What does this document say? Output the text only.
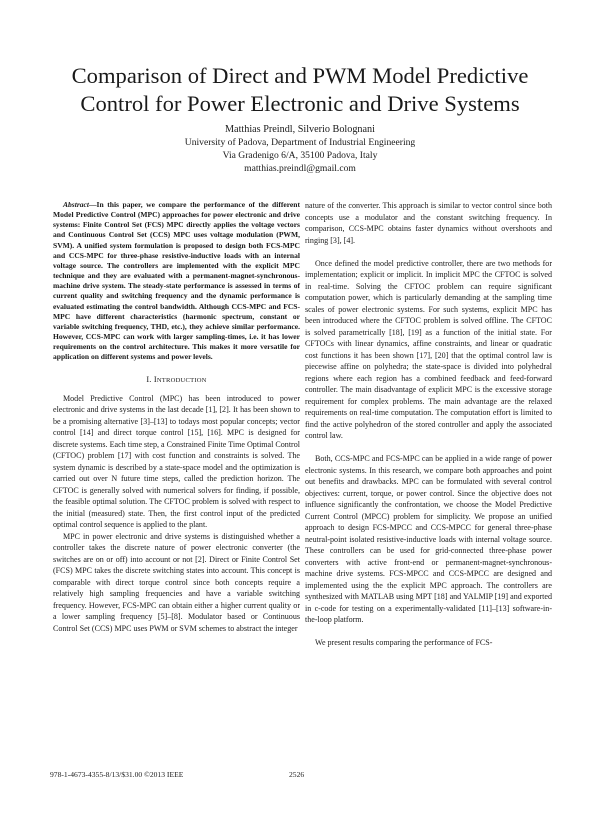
Comparison of Direct and PWM Model Predictive
Control for Power Electronic and Drive Systems
Matthias Preindl, Silverio Bolognani
University of Padova, Department of Industrial Engineering
Via Gradenigo 6/A, 35100 Padova, Italy
matthias.preindl@gmail.com

Abstract—In this paper, we compare the performance of the different Model Predictive Control (MPC) approaches for power electronic and drive systems: Finite Control Set (FCS) MPC directly applies the voltage vectors and Continuous Control Set (CCS) MPC uses voltage modulation (PWM, SVM). A unified system formulation is proposed to design both FCS-MPC and CCS-MPC for three-phase resistive-inductive loads with an internal voltage source. The controllers are implemented with the explicit MPC technique and they are evaluated with a permanent-magnet-synchronous-machine drive system. The steady-state performance is assessed in terms of current quality and switching frequency and the dynamic performance is evaluated estimating the control bandwidth. Although CCS-MPC and FCS-MPC have different characteristics (harmonic spectrum, constant or variable switching frequency, THD, etc.), they achieve similar performance. However, CCS-MPC can work with larger sampling-times, i.e. it has lower requirements on the control architecture. This makes it more versatile for application on different systems and power levels.

I. INTRODUCTION

Model Predictive Control (MPC) has been introduced to power electronic and drive systems in the last decade [1], [2]. It has been shown to be a promising alternative [3]–[13] to todays most popular concepts; vector control [14] and direct torque control [15], [16]. MPC is designed for discrete systems. Each time step, a Constrained Finite Time Optimal Control (CFTOC) problem [17] with cost function and constraints is solved. The system dynamic is described by a state-space model and the optimization is carried out over N future time steps, called the prediction horizon. The CFTOC is generally solved with numerical solvers for finding, if possible, the feasible optimal solution. The CFTOC problem is solved with respect to the initial (measured) state. Then, the first control input of the predicted optimal control sequence is applied to the plant.

MPC in power electronic and drive systems is distinguished whether a controller takes the discrete nature of power electronic converter (the switches are on or off) into account or not [2]. Direct or Finite Control Set (FCS) MPC takes the discrete switching states into account. This concept is comparable with direct torque control since both concepts require a relatively high sampling frequencies and have a variable switching frequency. However, FCS-MPC can obtain either a higher current quality or a lower sampling frequency [5]–[8]. Modulator based or Continuous Control Set (CCS) MPC uses PWM or SVM schemes to abstract the integer

nature of the converter. This approach is similar to vector control since both concepts use a modulator and the constant switching frequency. In comparison, CCS-MPC obtains faster dynamics without overshoots and ringing [3], [4].

Once defined the model predictive controller, there are two methods for implementation; explicit or implicit. In implicit MPC the CFTOC is solved in real-time. Solving the CFTOC problem can require significant computation power, which is particularly demanding at the sampling time scales of power electronic systems. For such systems, explicit MPC has been introduced where the CFTOC problem is solved offline. The CFTOC is solved parametrically [18], [19] as a function of the initial state. For CFTOCs with linear dynamics, affine constraints, and linear or quadratic cost functions it has been shown [17], [20] that the optimal control law is piecewise affine on polyhedra; the state-space is divided into polyhedral regions where each region has a combined feedback and feed-forward controller. The main disadvantage of explicit MPC is the excessive storage requirement for complex problems. The main advantage are the relaxed requirements on real-time computation. The computation effort is limited to find the active polyhedron of the stored controller and apply the associated control law.

Both, CCS-MPC and FCS-MPC can be applied in a wide range of power electronic systems. In this research, we compare both approaches and point out benefits and drawbacks. MPC can be formulated with several control objectives: current, torque, or power control. Since the objective does not influence significantly the confrontation, we choose the Model Predictive Current Control (MPCC) problem for simplicity. We propose an unified approach to design FCS-MPCC and CCS-MPCC for general three-phase neutral-point isolated resistive-inductive loads with internal voltage source. These controllers can be used for grid-connected three-phase power converters with active front-end or permanent-magnet-synchronous-machine drive systems. FCS-MPCC and CCS-MPCC are designed and implemented using the the explicit MPC approach. The controllers are synthesized with MATLAB using MPT [18] and YALMIP [19] and exported in c-code for testing on a experimentally-validated [11]–[13] software-in-the-loop platform.

We present results comparing the performance of FCS-

978-1-4673-4355-8/13/$31.00 ©2013 IEEE	2526
